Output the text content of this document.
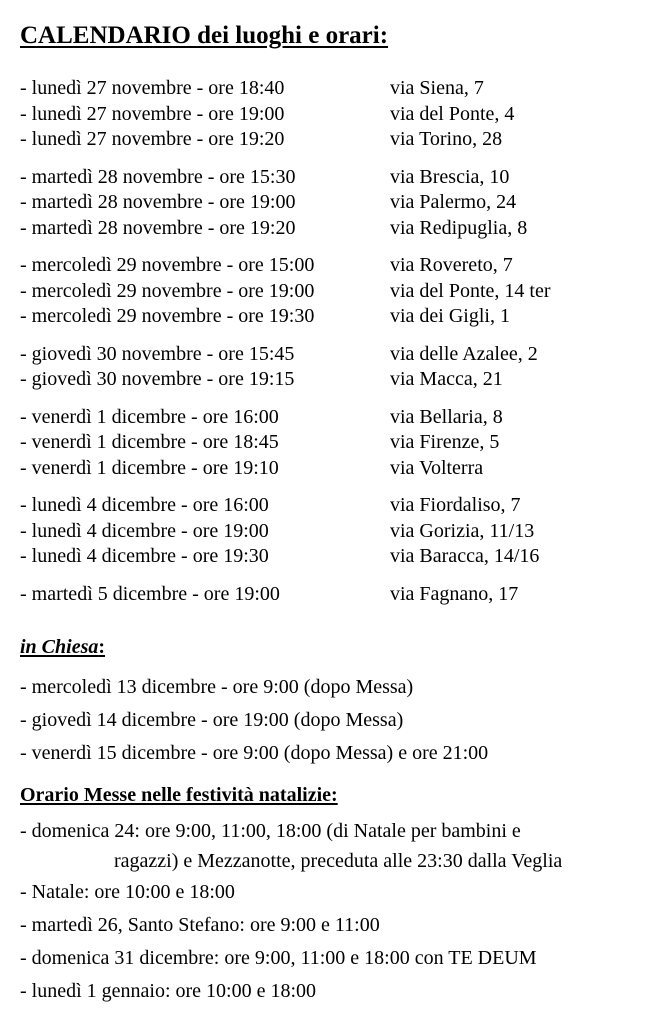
CALENDARIO dei luoghi e orari:
- lunedì 27 novembre - ore 18:40	via Siena, 7
- lunedì 27 novembre - ore 19:00	via del Ponte, 4
- lunedì 27 novembre - ore 19:20	via Torino, 28
- martedì 28 novembre - ore 15:30	via Brescia, 10
- martedì 28 novembre - ore 19:00	via Palermo, 24
- martedì 28 novembre - ore 19:20	via Redipuglia, 8
- mercoledì 29 novembre - ore 15:00	via Rovereto, 7
- mercoledì 29 novembre - ore 19:00	via del Ponte, 14 ter
- mercoledì 29 novembre - ore 19:30	via dei Gigli, 1
- giovedì 30 novembre - ore 15:45	via delle Azalee, 2
- giovedì 30 novembre - ore 19:15	via Macca, 21
- venerdì 1 dicembre - ore 16:00	via Bellaria, 8
- venerdì 1 dicembre - ore 18:45	via Firenze, 5
- venerdì 1 dicembre - ore 19:10	via Volterra
- lunedì 4 dicembre - ore 16:00	via Fiordaliso, 7
- lunedì 4 dicembre - ore 19:00	via Gorizia, 11/13
- lunedì 4 dicembre - ore 19:30	via Baracca, 14/16
- martedì 5 dicembre - ore 19:00	via Fagnano, 17
in Chiesa:
- mercoledì 13 dicembre - ore 9:00 (dopo Messa)
- giovedì 14 dicembre - ore 19:00 (dopo Messa)
- venerdì 15 dicembre - ore 9:00 (dopo Messa) e ore 21:00
Orario Messe nelle festività natalizie:
- domenica 24: ore 9:00, 11:00, 18:00 (di Natale per bambini e
ragazzi) e Mezzanotte, preceduta alle 23:30 dalla Veglia
- Natale: ore 10:00 e 18:00
- martedì 26, Santo Stefano: ore 9:00 e 11:00
- domenica 31 dicembre: ore 9:00, 11:00 e 18:00 con TE DEUM
- lunedì 1 gennaio: ore 10:00 e 18:00
